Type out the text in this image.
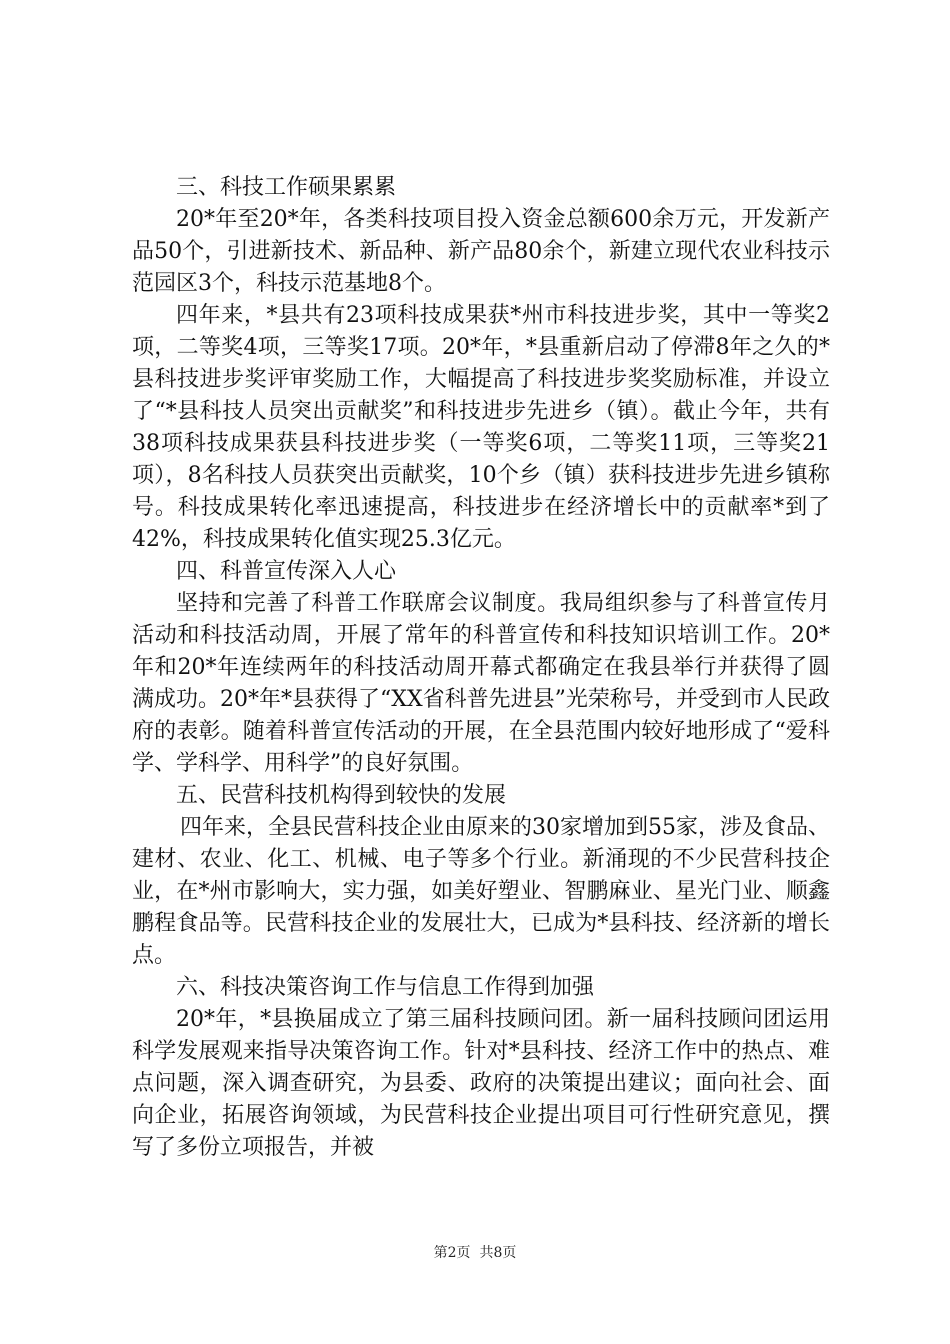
三、科技工作硕果累累

20*年至20*年，各类科技项目投入资金总额600余万元，开发新产品50个，引进新技术、新品种、新产品80余个，新建立现代农业科技示范园区3个，科技示范基地8个。

四年来，*县共有23项科技成果获*州市科技进步奖，其中一等奖2项，二等奖4项，三等奖17项。20*年，*县重新启动了停滞8年之久的*县科技进步奖评审奖励工作，大幅提高了科技进步奖奖励标准，并设立了“*县科技人员突出贡献奖”和科技进步先进乡（镇）。截止今年，共有38项科技成果获县科技进步奖（一等奖6项，二等奖11项，三等奖21项），8名科技人员获突出贡献奖，10个乡（镇）获科技进步先进乡镇称号。科技成果转化率迅速提高，科技进步在经济增长中的贡献率*到了42%，科技成果转化值实现25.3亿元。

四、科普宣传深入人心

坚持和完善了科普工作联席会议制度。我局组织参与了科普宣传月活动和科技活动周，开展了常年的科普宣传和科技知识培训工作。20*年和20*年连续两年的科技活动周开幕式都确定在我县举行并获得了圆满成功。20*年*县获得了“XX省科普先进县”光荣称号，并受到市人民政府的表彰。随着科普宣传活动的开展，在全县范围内较好地形成了“爱科学、学科学、用科学”的良好氛围。

五、民营科技机构得到较快的发展

四年来，全县民营科技企业由原来的30家增加到55家，涉及食品、建材、农业、化工、机械、电子等多个行业。新涌现的不少民营科技企业，在*州市影响大，实力强，如美好塑业、智鹏麻业、星光门业、顺鑫鹏程食品等。民营科技企业的发展壮大，已成为*县科技、经济新的增长点。

六、科技决策咨询工作与信息工作得到加强

20*年，*县换届成立了第三届科技顾问团。新一届科技顾问团运用科学发展观来指导决策咨询工作。针对*县科技、经济工作中的热点、难点问题，深入调查研究，为县委、政府的决策提出建议；面向社会、面向企业，拓展咨询领域，为民营科技企业提出项目可行性研究意见，撰写了多份立项报告，并被

第2页  共8页
